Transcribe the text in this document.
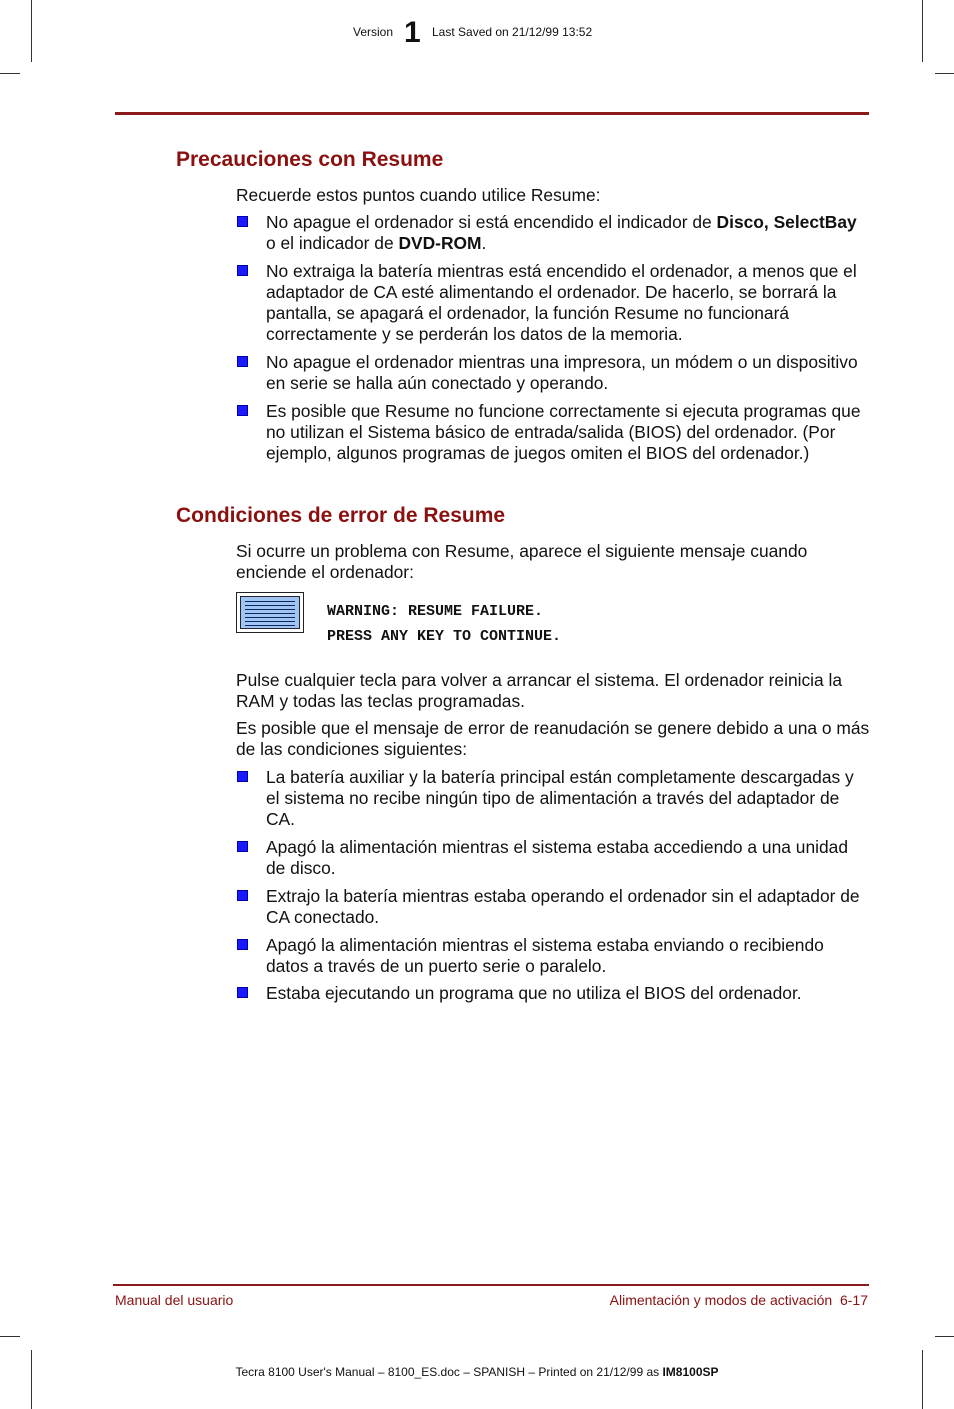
Version 1 Last Saved on 21/12/99 13:52
Precauciones con Resume

Recuerde estos puntos cuando utilice Resume:

No apague el ordenador si está encendido el indicador de Disco, SelectBay o el indicador de DVD-ROM.
No extraiga la batería mientras está encendido el ordenador, a menos que el adaptador de CA esté alimentando el ordenador. De hacerlo, se borrará la pantalla, se apagará el ordenador, la función Resume no funcionará correctamente y se perderán los datos de la memoria.
No apague el ordenador mientras una impresora, un módem o un dispositivo en serie se halla aún conectado y operando.
Es posible que Resume no funcione correctamente si ejecuta programas que no utilizan el Sistema básico de entrada/salida (BIOS) del ordenador. (Por ejemplo, algunos programas de juegos omiten el BIOS del ordenador.)
Condiciones de error de Resume

Si ocurre un problema con Resume, aparece el siguiente mensaje cuando enciende el ordenador:

WARNING: RESUME FAILURE.
PRESS ANY KEY TO CONTINUE.

Pulse cualquier tecla para volver a arrancar el sistema. El ordenador reinicia la RAM y todas las teclas programadas.

Es posible que el mensaje de error de reanudación se genere debido a una o más de las condiciones siguientes:

La batería auxiliar y la batería principal están completamente descargadas y el sistema no recibe ningún tipo de alimentación a través del adaptador de CA.
Apagó la alimentación mientras el sistema estaba accediendo a una unidad de disco.
Extrajo la batería mientras estaba operando el ordenador sin el adaptador de CA conectado.
Apagó la alimentación mientras el sistema estaba enviando o recibiendo datos a través de un puerto serie o paralelo.
Estaba ejecutando un programa que no utiliza el BIOS del ordenador.
Manual del usuario	Alimentación y modos de activación  6-17
Tecra 8100 User's Manual – 8100_ES.doc – SPANISH – Printed on 21/12/99 as IM8100SP
